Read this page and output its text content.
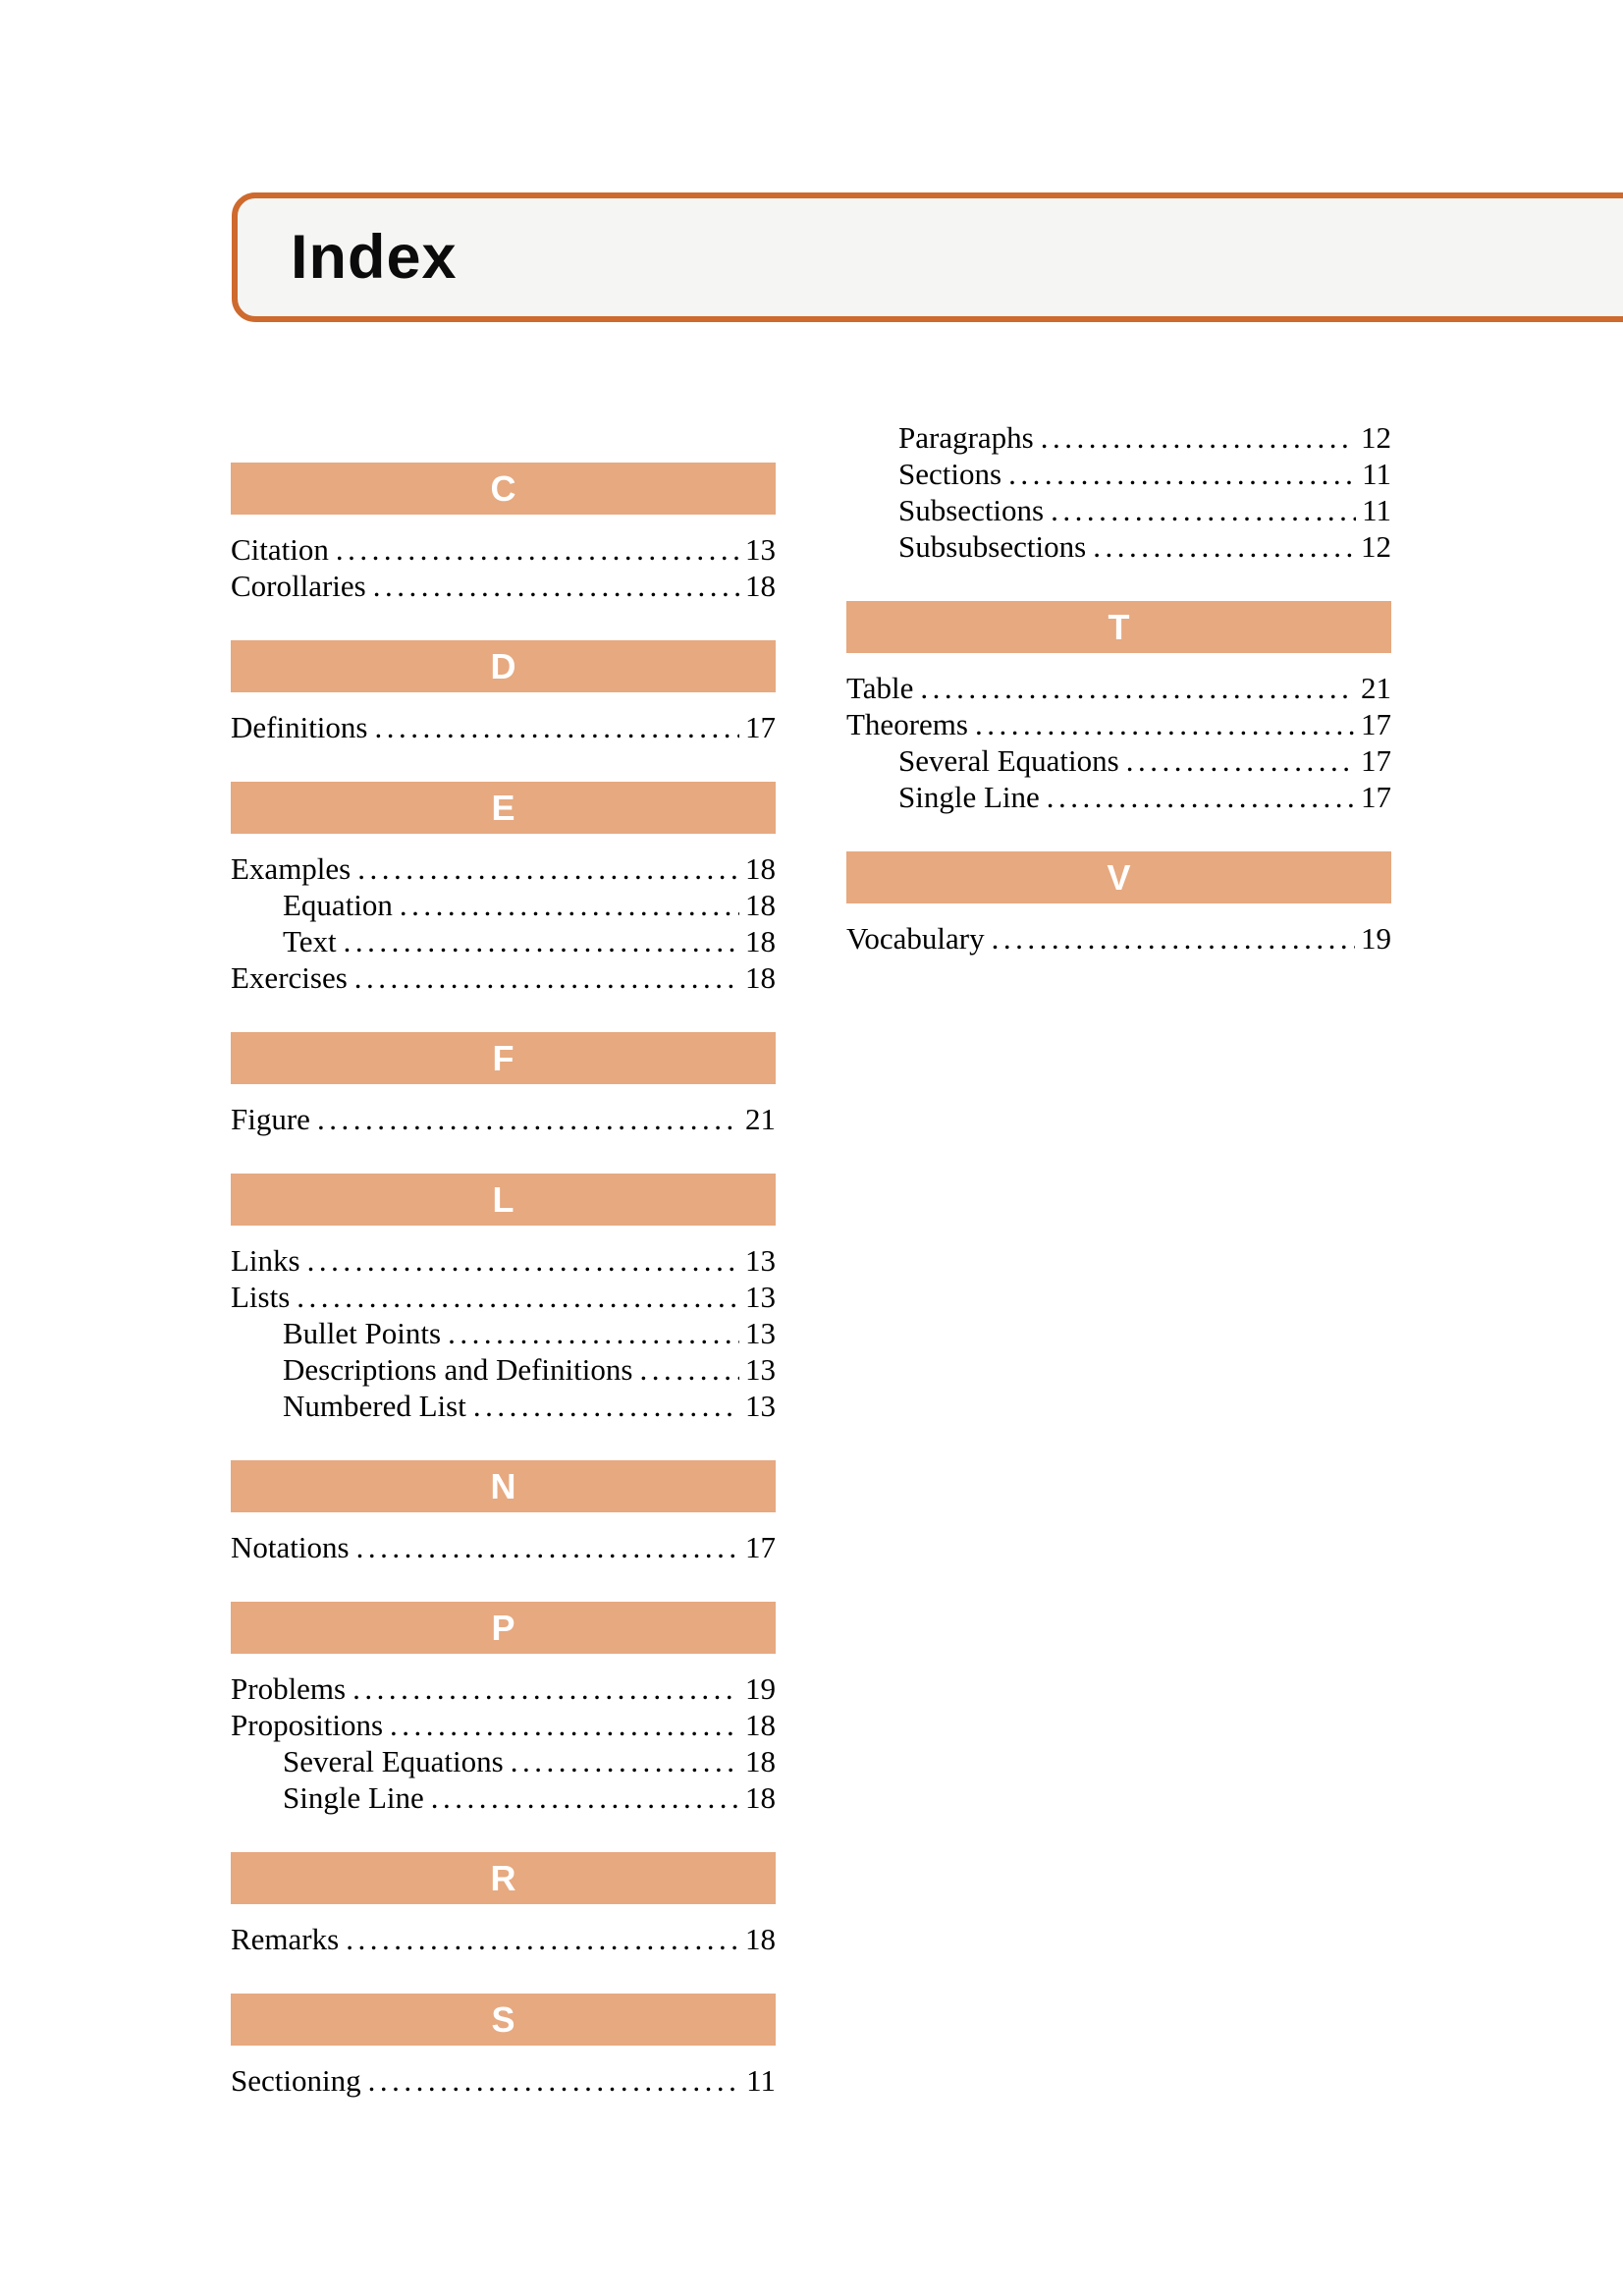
Index
C
Citation .....	13
Corollaries .....	18
D
Definitions .....	17
E
Examples .....	18
Equation .....	18
Text .....	18
Exercises .....	18
F
Figure .....	21
L
Links .....	13
Lists .....	13
Bullet Points .....	13
Descriptions and Definitions .....	13
Numbered List .....	13
N
Notations .....	17
P
Problems .....	19
Propositions .....	18
Several Equations .....	18
Single Line .....	18
R
Remarks .....	18
S
Sectioning .....	11
Paragraphs .....	12
Sections .....	11
Subsections .....	11
Subsubsections .....	12
T
Table .....	21
Theorems .....	17
Several Equations .....	17
Single Line .....	17
V
Vocabulary .....	19
